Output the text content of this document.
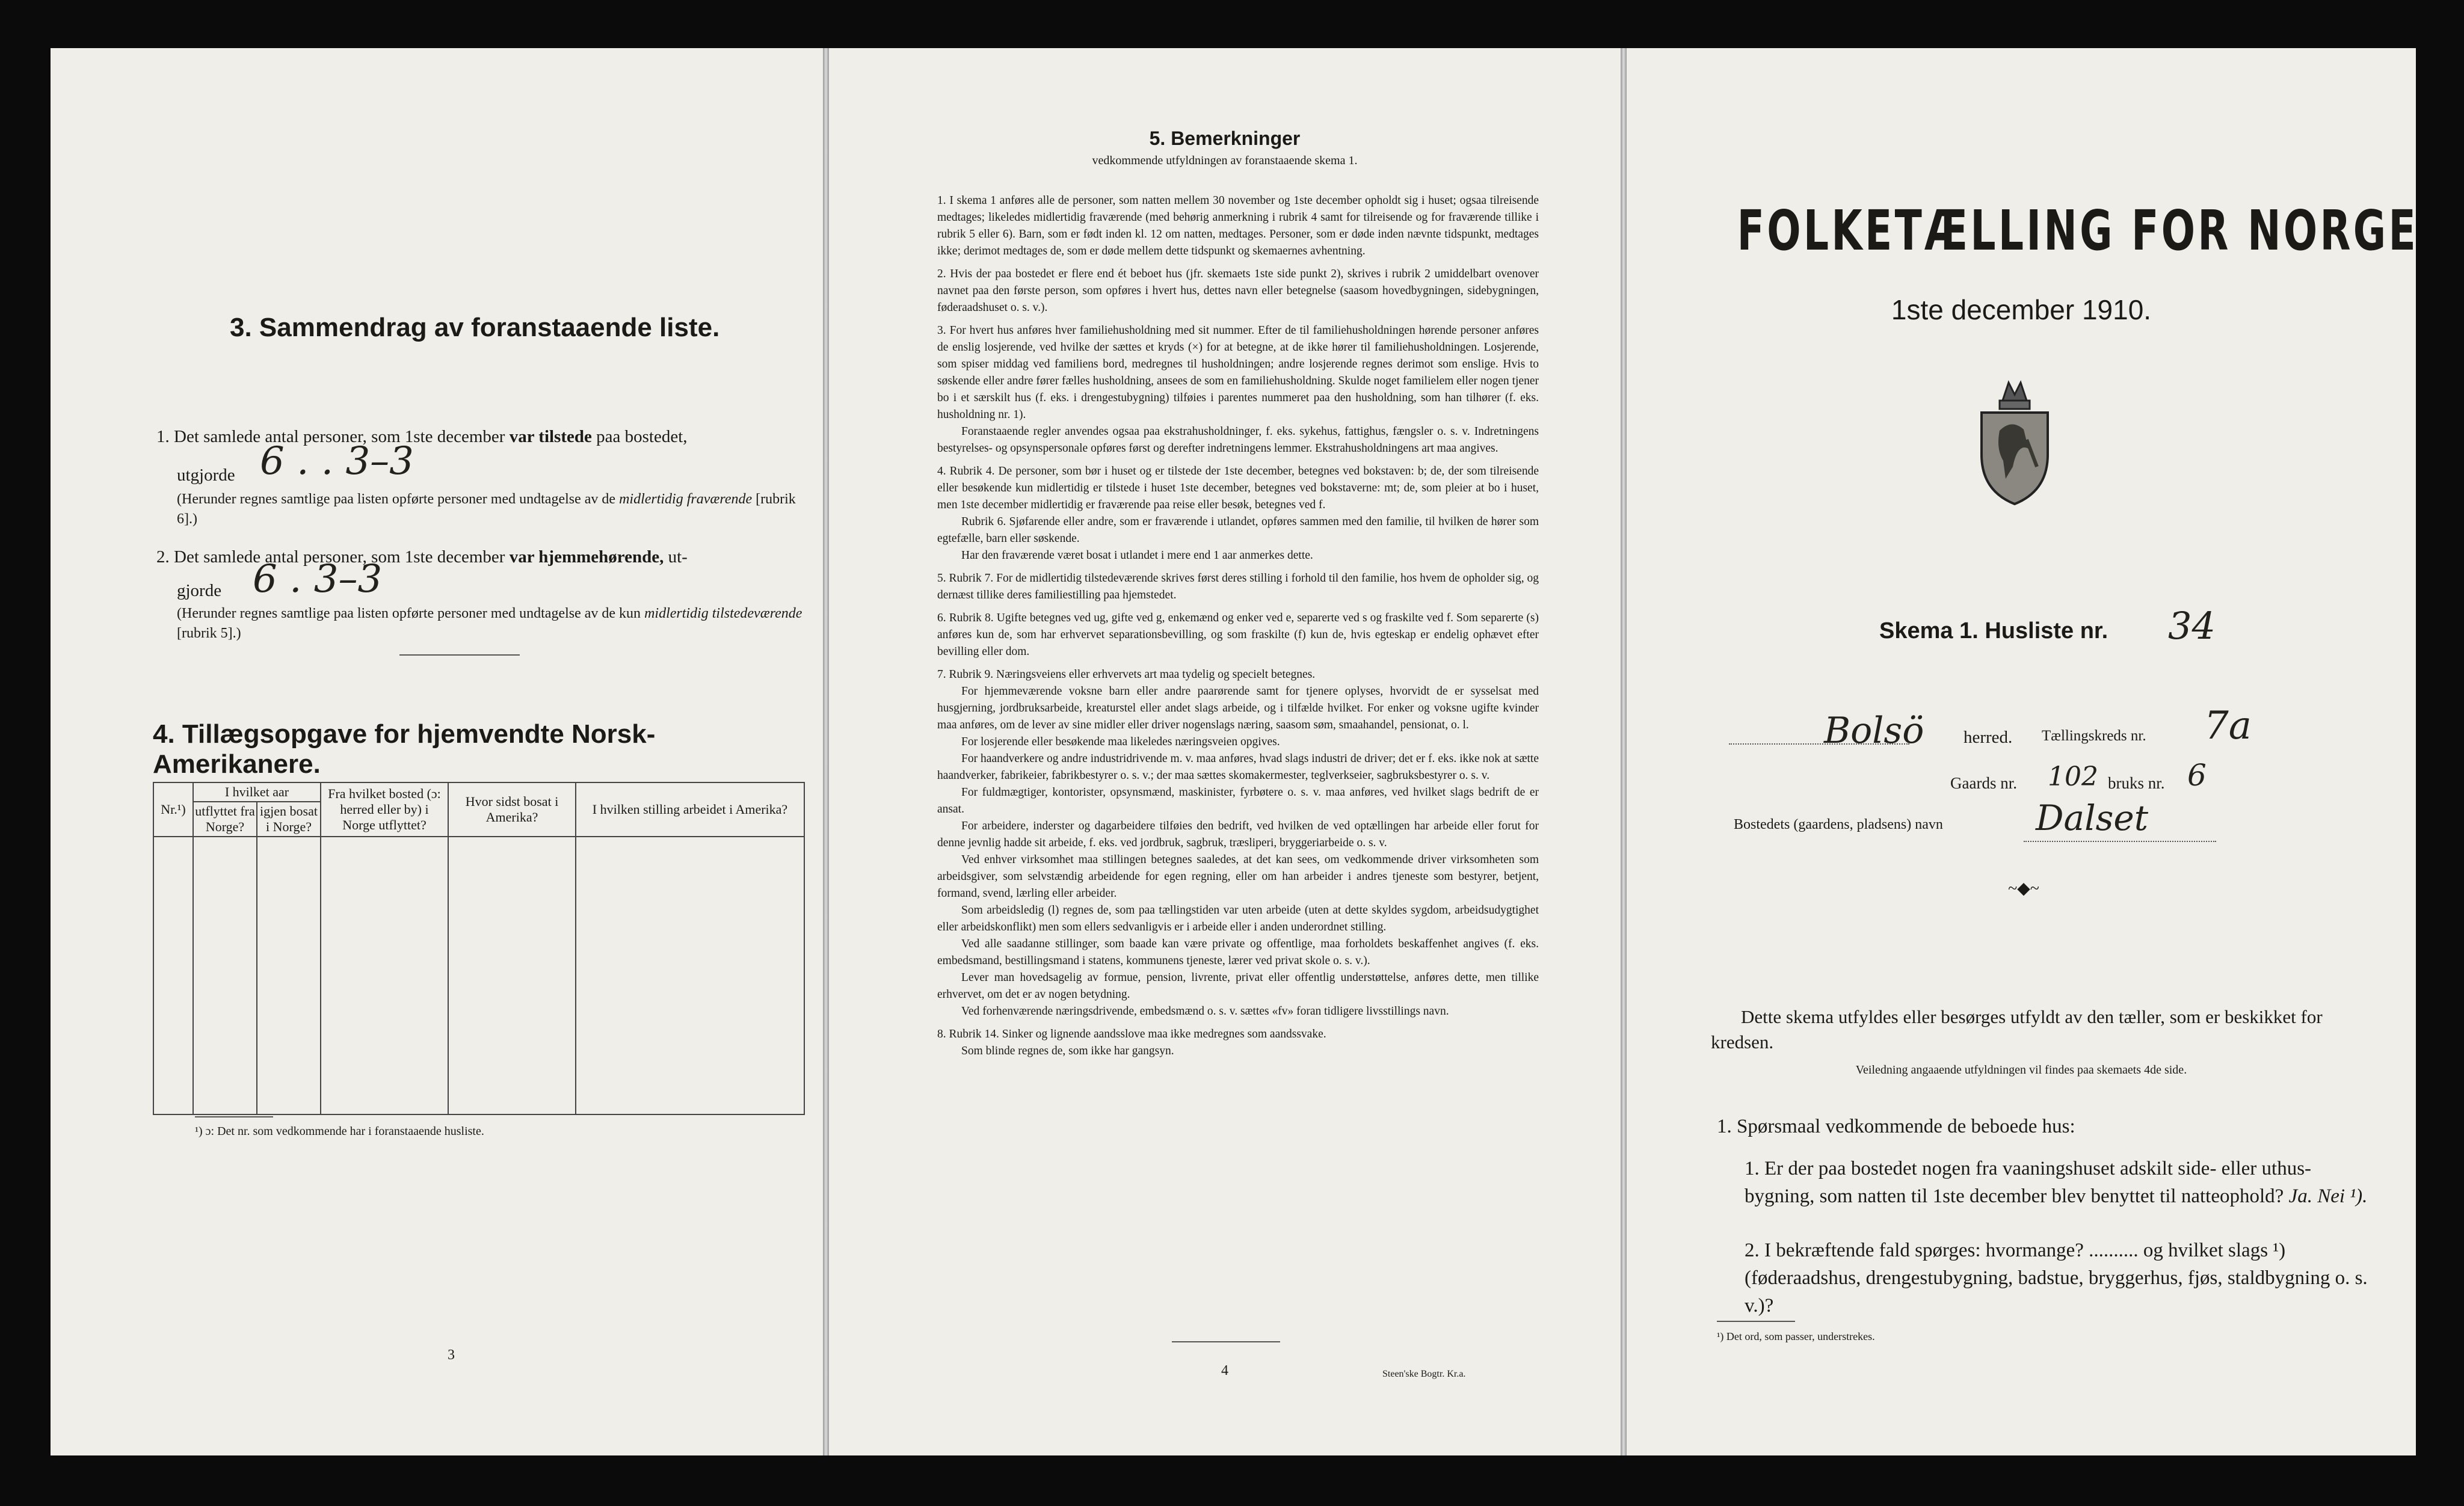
3. Sammendrag av foranstaaende liste.
1. Det samlede antal personer, som 1ste december var tilstede paa bostedet,
utgjorde 6 . . 3–3
(Herunder regnes samtlige paa listen opførte personer med undtagelse av de midlertidig fraværende [rubrik 6].)
2. Det samlede antal personer, som 1ste december var hjemmehørende, ut-
gjorde 6 . 3–3
(Herunder regnes samtlige paa listen opførte personer med undtagelse av de kun midlertidig tilstedeværende [rubrik 5].)
4. Tillægsopgave for hjemvendte Norsk-Amerikanere.
Nr.¹)	I hvilket aar		Fra hvilket bosted (ɔ: herred eller by) i Norge utflyttet?	Hvor sidst bosat i Amerika?	I hvilken stilling arbeidet i Amerika?
	utflyttet fra Norge?	igjen bosat i Norge?			

¹) ɔ: Det nr. som vedkommende har i foranstaaende husliste.
3
5. Bemerkninger
vedkommende utfyldningen av foranstaaende skema 1.

1. I skema 1 anføres alle de personer, som natten mellem 30 november og 1ste december opholdt sig i huset; ogsaa tilreisende medtages; likeledes midlertidig fraværende (med behørig anmerkning i rubrik 4 samt for tilreisende og for fraværende tillike i rubrik 5 eller 6). Barn, som er født inden kl. 12 om natten, medtages. Personer, som er døde inden nævnte tidspunkt, medtages ikke; derimot medtages de, som er døde mellem dette tidspunkt og skemaernes avhentning.

2. Hvis der paa bostedet er flere end ét beboet hus (jfr. skemaets 1ste side punkt 2), skrives i rubrik 2 umiddelbart ovenover navnet paa den første person, som opføres i hvert hus, dettes navn eller betegnelse (saasom hovedbygningen, sidebygningen, føderaadshuset o. s. v.).

3. For hvert hus anføres hver familiehusholdning med sit nummer. Efter de til familiehusholdningen hørende personer anføres de enslig losjerende, ved hvilke der sættes et kryds (×) for at betegne, at de ikke hører til familiehusholdningen. Losjerende, som spiser middag ved familiens bord, medregnes til husholdningen; andre losjerende regnes derimot som enslige. Hvis to søskende eller andre fører fælles husholdning, ansees de som en familiehusholdning. Skulde noget familielem eller nogen tjener bo i et særskilt hus (f. eks. i drengestubygning) tilføies i parentes nummeret paa den husholdning, som han tilhører (f. eks. husholdning nr. 1).

Foranstaaende regler anvendes ogsaa paa ekstrahusholdninger, f. eks. sykehus, fattighus, fængsler o. s. v. Indretningens bestyrelses- og opsynspersonale opføres først og derefter indretningens lemmer. Ekstrahusholdningens art maa angives.

4. Rubrik 4. De personer, som bør i huset og er tilstede der 1ste december, betegnes ved bokstaven: b; de, der som tilreisende eller besøkende kun midlertidig er tilstede i huset 1ste december, betegnes ved bokstaverne: mt; de, som pleier at bo i huset, men 1ste december midlertidig er fraværende paa reise eller besøk, betegnes ved f.

Rubrik 6. Sjøfarende eller andre, som er fraværende i utlandet, opføres sammen med den familie, til hvilken de hører som egtefælle, barn eller søskende.

Har den fraværende været bosat i utlandet i mere end 1 aar anmerkes dette.

5. Rubrik 7. For de midlertidig tilstedeværende skrives først deres stilling i forhold til den familie, hos hvem de opholder sig, og dernæst tillike deres familiestilling paa hjemstedet.

6. Rubrik 8. Ugifte betegnes ved ug, gifte ved g, enkemænd og enker ved e, separerte ved s og fraskilte ved f. Som separerte (s) anføres kun de, som har erhvervet separationsbevilling, og som fraskilte (f) kun de, hvis egteskap er endelig ophævet efter bevilling eller dom.

7. Rubrik 9. Næringsveiens eller erhvervets art maa tydelig og specielt betegnes.

For hjemmeværende voksne barn eller andre paarørende samt for tjenere oplyses, hvorvidt de er sysselsat med husgjerning, jordbruksarbeide, kreaturstel eller andet slags arbeide, og i tilfælde hvilket. For enker og voksne ugifte kvinder maa anføres, om de lever av sine midler eller driver nogenslags næring, saasom søm, smaahandel, pensionat, o. l.

For losjerende eller besøkende maa likeledes næringsveien opgives.

For haandverkere og andre industridrivende m. v. maa anføres, hvad slags industri de driver; det er f. eks. ikke nok at sætte haandverker, fabrikeier, fabrikbestyrer o. s. v.; der maa sættes skomakermester, teglverkseier, sagbruksbestyrer o. s. v.

For fuldmægtiger, kontorister, opsynsmænd, maskinister, fyrbøtere o. s. v. maa anføres, ved hvilket slags bedrift de er ansat.

For arbeidere, inderster og dagarbeidere tilføies den bedrift, ved hvilken de ved optællingen har arbeide eller forut for denne jevnlig hadde sit arbeide, f. eks. ved jordbruk, sagbruk, træsliperi, bryggeriarbeide o. s. v.

Ved enhver virksomhet maa stillingen betegnes saaledes, at det kan sees, om vedkommende driver virksomheten som arbeidsgiver, som selvstændig arbeidende for egen regning, eller om han arbeider i andres tjeneste som bestyrer, betjent, formand, svend, lærling eller arbeider.

Som arbeidsledig (l) regnes de, som paa tællingstiden var uten arbeide (uten at dette skyldes sygdom, arbeidsudygtighet eller arbeidskonflikt) men som ellers sedvanligvis er i arbeide eller i anden underordnet stilling.

Ved alle saadanne stillinger, som baade kan være private og offentlige, maa forholdets beskaffenhet angives (f. eks. embedsmand, bestillingsmand i statens, kommunens tjeneste, lærer ved privat skole o. s. v.).

Lever man hovedsagelig av formue, pension, livrente, privat eller offentlig understøttelse, anføres dette, men tillike erhvervet, om det er av nogen betydning.

Ved forhenværende næringsdrivende, embedsmænd o. s. v. sættes «fv» foran tidligere livsstillings navn.

8. Rubrik 14. Sinker og lignende aandsslove maa ikke medregnes som aandssvake.

Som blinde regnes de, som ikke har gangsyn.

4	Steen'ske Bogtr. Kr.a.
FOLKETÆLLING FOR NORGE
1ste december 1910.
Skema 1. Husliste nr. 34
Bolsö herred. Tællingskreds nr. 7a
Gaards nr. 102 bruks nr. 6
Bostedets (gaardens, pladsens) navn	Dalset
~◆~
Dette skema utfyldes eller besørges utfyldt av den tæller, som er beskikket for kredsen.
Veiledning angaaende utfyldningen vil findes paa skemaets 4de side.
1. Spørsmaal vedkommende de beboede hus:
1. Er der paa bostedet nogen fra vaaningshuset adskilt side- eller uthus-bygning, som natten til 1ste december blev benyttet til natteophold? Ja. Nei ¹).
2. I bekræftende fald spørges: hvormange? .......... og hvilket slags ¹) (føderaadshus, drengestubygning, badstue, bryggerhus, fjøs, staldbygning o. s. v.)?
¹) Det ord, som passer, understrekes.
